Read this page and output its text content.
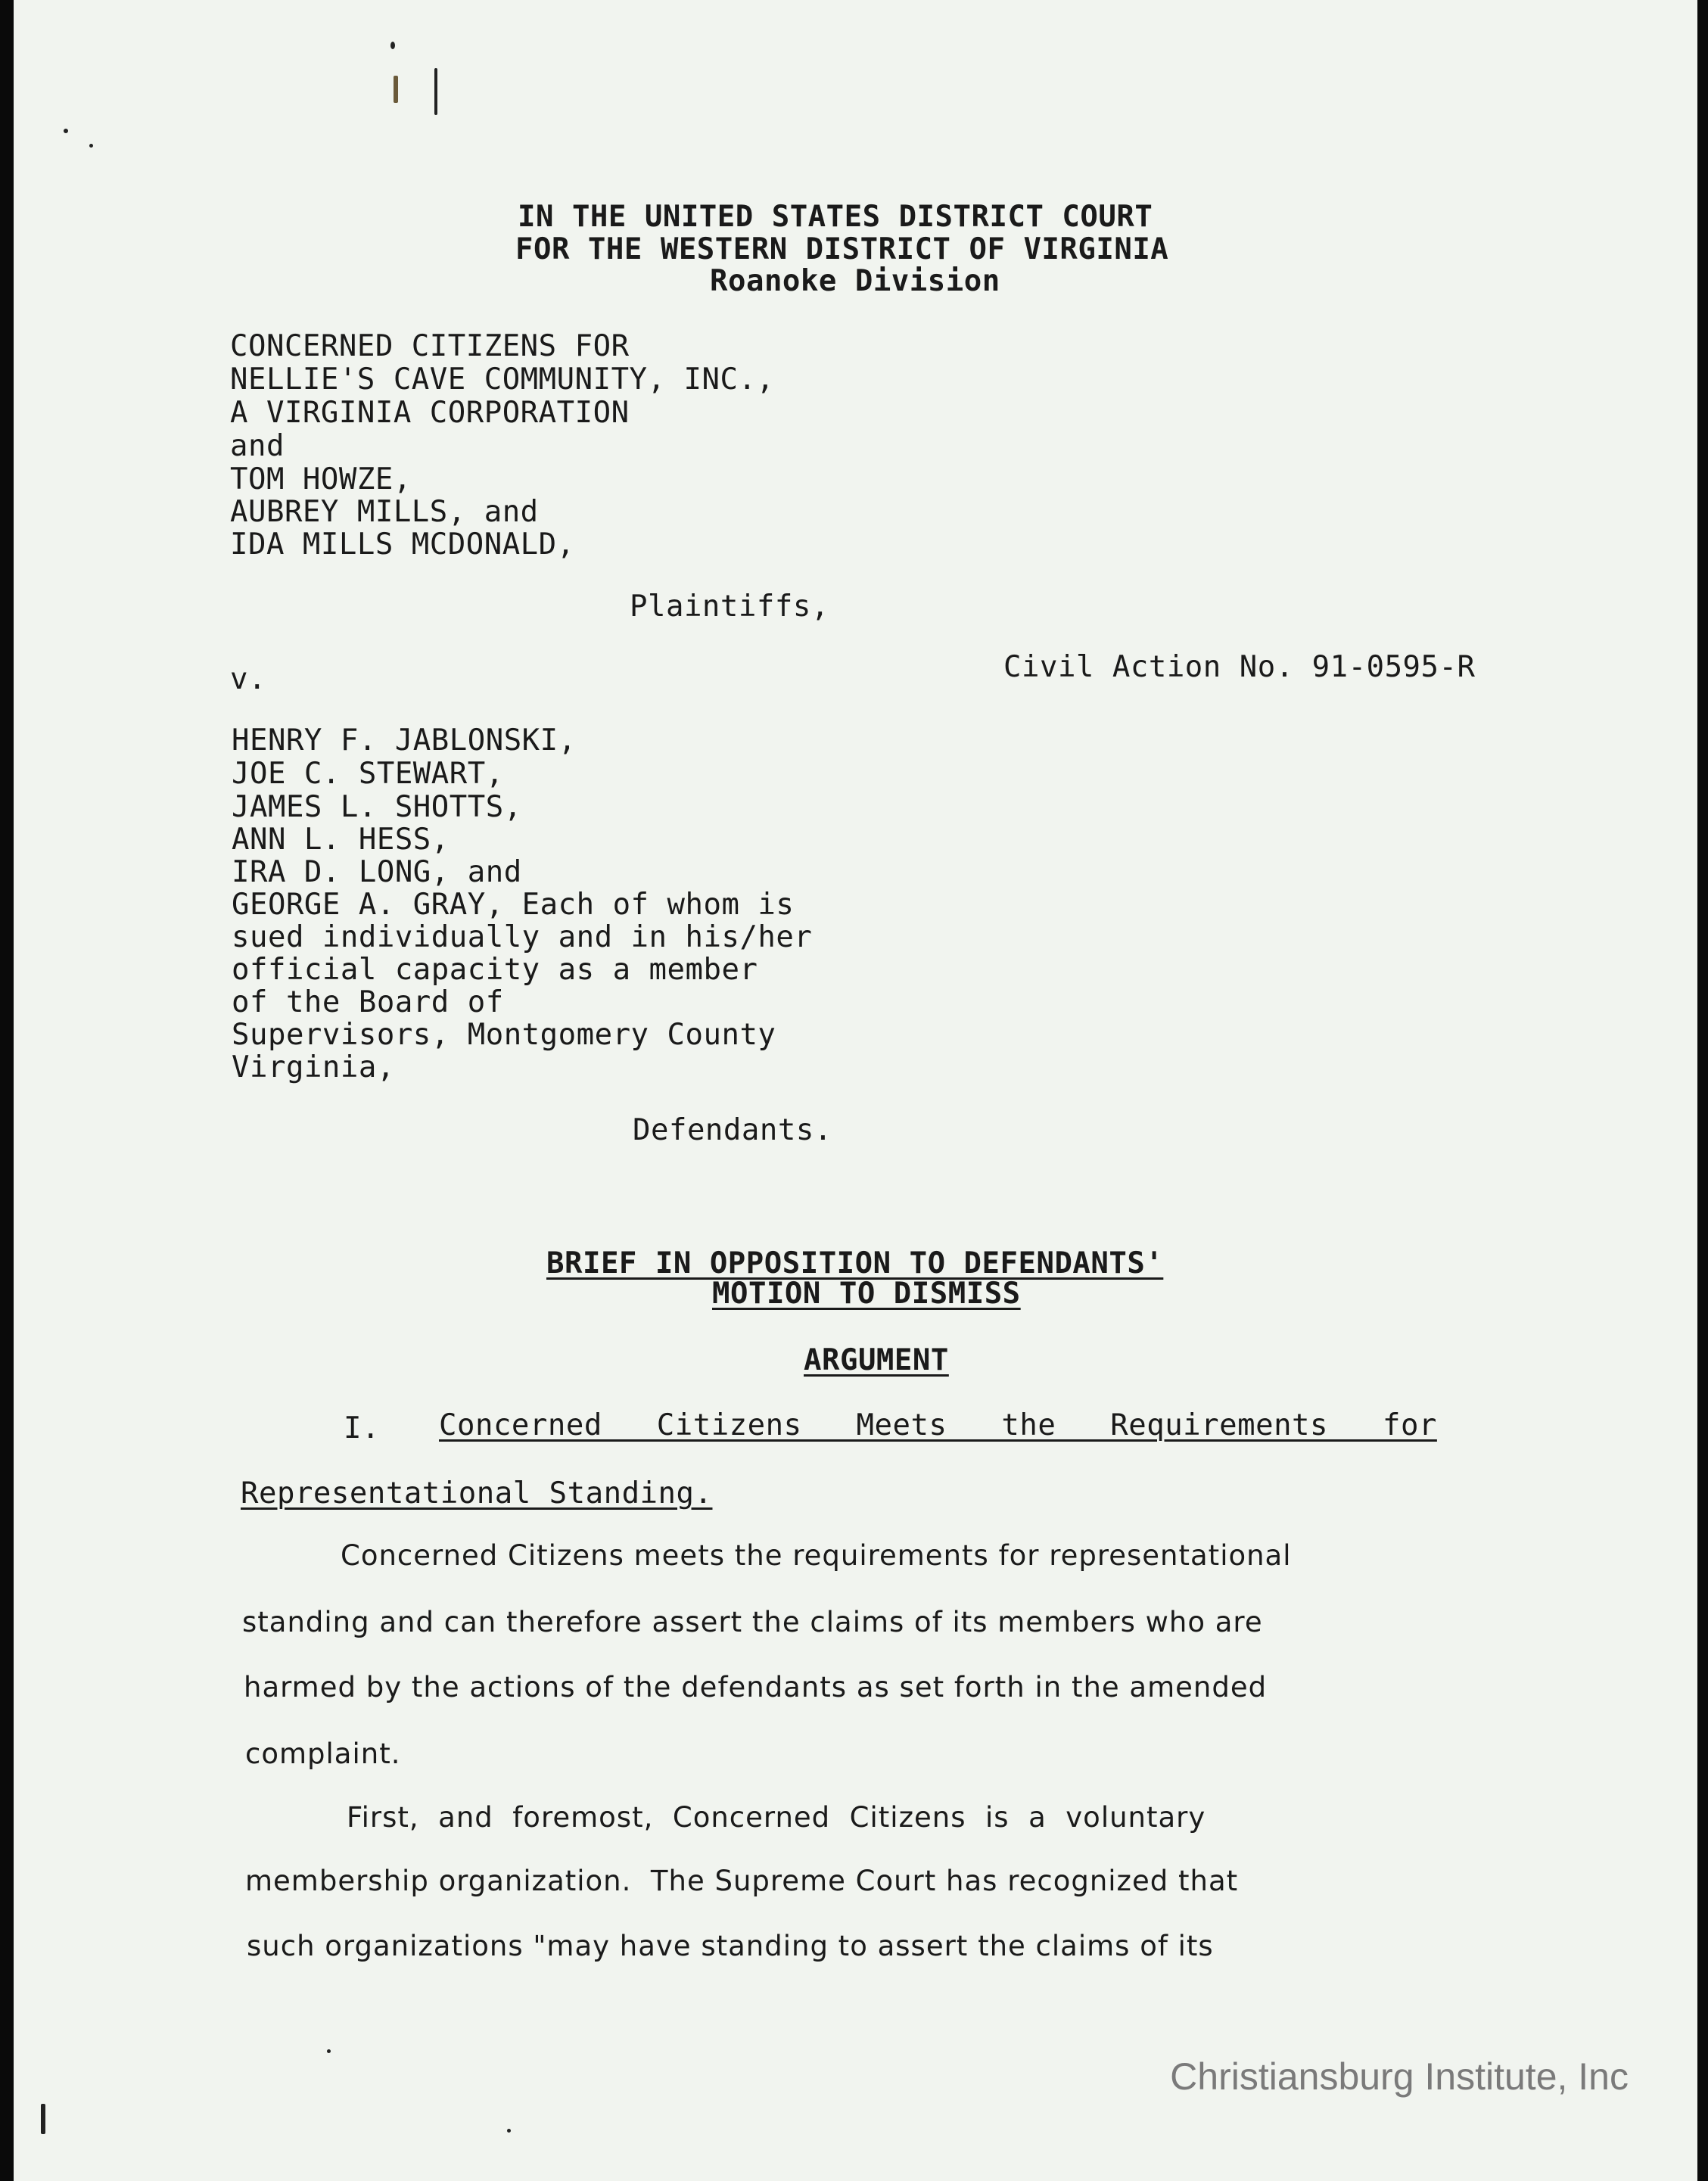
IN THE UNITED STATES DISTRICT COURT
FOR THE WESTERN DISTRICT OF VIRGINIA
Roanoke Division
CONCERNED CITIZENS FOR
NELLIE'S CAVE COMMUNITY, INC.,
A VIRGINIA CORPORATION
and
TOM HOWZE,
AUBREY MILLS, and
IDA MILLS MCDONALD,
Plaintiffs,
v.	Civil Action No. 91-0595-R
HENRY F. JABLONSKI,
JOE C. STEWART,
JAMES L. SHOTTS,
ANN L. HESS,
IRA D. LONG, and
GEORGE A. GRAY, Each of whom is
sued individually and in his/her
official capacity as a member
of the Board of
Supervisors, Montgomery County
Virginia,
Defendants.
BRIEF IN OPPOSITION TO DEFENDANTS'
MOTION TO DISMISS
ARGUMENT
I. Concerned   Citizens   Meets   the   Requirements   for
Representational Standing.
Concerned Citizens meets the requirements for representational
standing and can therefore assert the claims of its members who are
harmed by the actions of the defendants as set forth in the amended
complaint.
First,  and  foremost,  Concerned  Citizens  is  a  voluntary
membership organization.  The Supreme Court has recognized that
such organizations "may have standing to assert the claims of its
Christiansburg Institute, Inc
